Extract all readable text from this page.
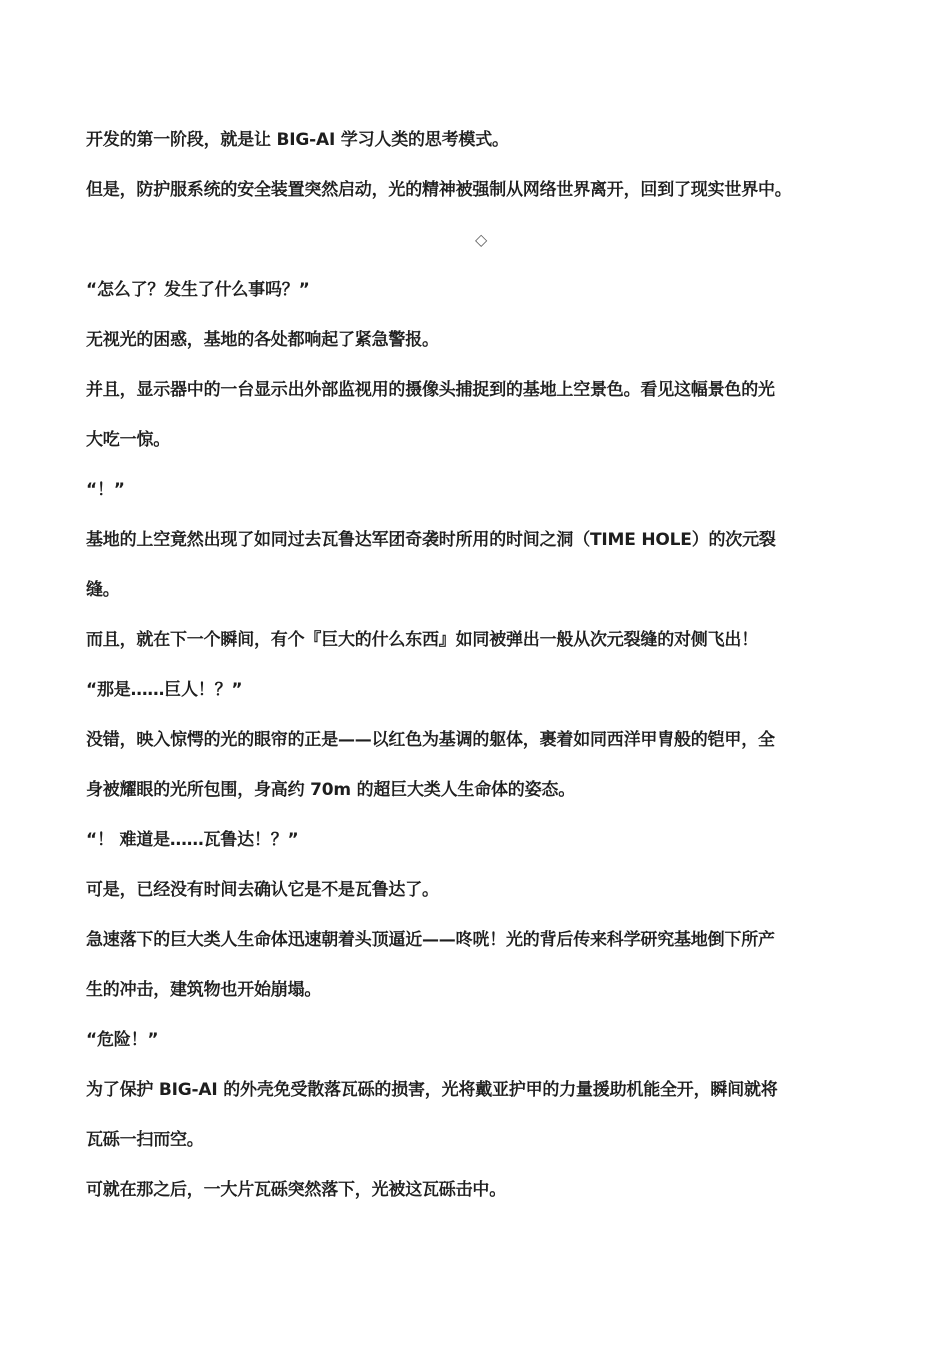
开发的第一阶段，就是让 BIG-AI 学习人类的思考模式。
但是，防护服系统的安全装置突然启动，光的精神被强制从网络世界离开，回到了现实世界中。
◇
“怎么了？发生了什么事吗？”
无视光的困惑，基地的各处都响起了紧急警报。
并且，显示器中的一台显示出外部监视用的摄像头捕捉到的基地上空景色。看见这幅景色的光
大吃一惊。
“！”
基地的上空竟然出现了如同过去瓦鲁达军团奇袭时所用的时间之洞（TIME HOLE）的次元裂
缝。
而且，就在下一个瞬间，有个『巨大的什么东西』如同被弹出一般从次元裂缝的对侧飞出！
“那是……巨人！？”
没错，映入惊愕的光的眼帘的正是——以红色为基调的躯体，裹着如同西洋甲胄般的铠甲，全
身被耀眼的光所包围，身高约 70m 的超巨大类人生命体的姿态。
“！ 难道是……瓦鲁达！？”
可是，已经没有时间去确认它是不是瓦鲁达了。
急速落下的巨大类人生命体迅速朝着头顶逼近——咚咣！光的背后传来科学研究基地倒下所产
生的冲击，建筑物也开始崩塌。
“危险！”
为了保护 BIG-AI 的外壳免受散落瓦砾的损害，光将戴亚护甲的力量援助机能全开，瞬间就将
瓦砾一扫而空。
可就在那之后，一大片瓦砾突然落下，光被这瓦砾击中。
